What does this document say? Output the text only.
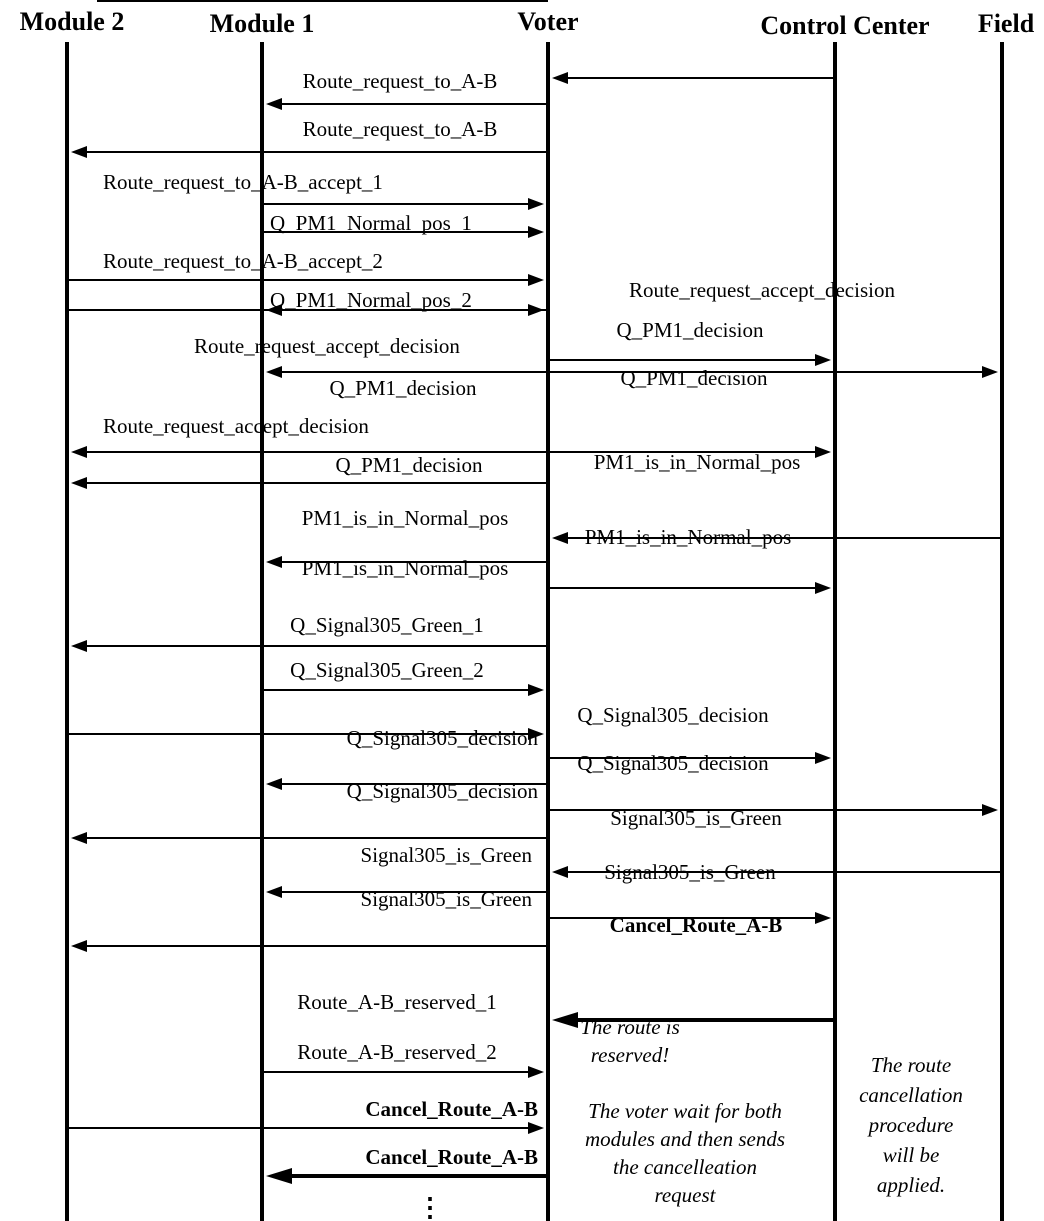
Module 2	Module 1	Voter	Control Center Field
Route_request_to_A-B
Route_request_to_A-B
Route_request_to_A-B_accept_1
Q_PM1_Normal_pos_1
Route_request_to_A-B_accept_2
Q_PM1_Normal_pos_2	Route_request_accept_decision
Q_PM1_decision
Route_request_accept_decision
Q_PM1_decision	Q_PM1_decision
Route_request_accept_decision
Q_PM1_decision	PM1_is_in_Normal_pos
PM1_is_in_Normal_pos
PM1_is_in_Normal_pos
PM1_is_in_Normal_pos
Q_Signal305_Green_1
Q_Signal305_Green_2
Q_Signal305_decision
Q_Signal305_decision
Q_Signal305_decision
Q_Signal305_decision
Signal305_is_Green
Signal305_is_Green
Signal305_is_Green
Signal305_is_Green
Cancel_Route_A-B
Route_A-B_reserved_1
Route_A-B_reserved_2
Cancel_Route_A-B
Cancel_Route_A-B
The route is reserved!
The voter wait for both modules and then sends the cancelleation request
The route cancellation procedure will be applied.
⋮
